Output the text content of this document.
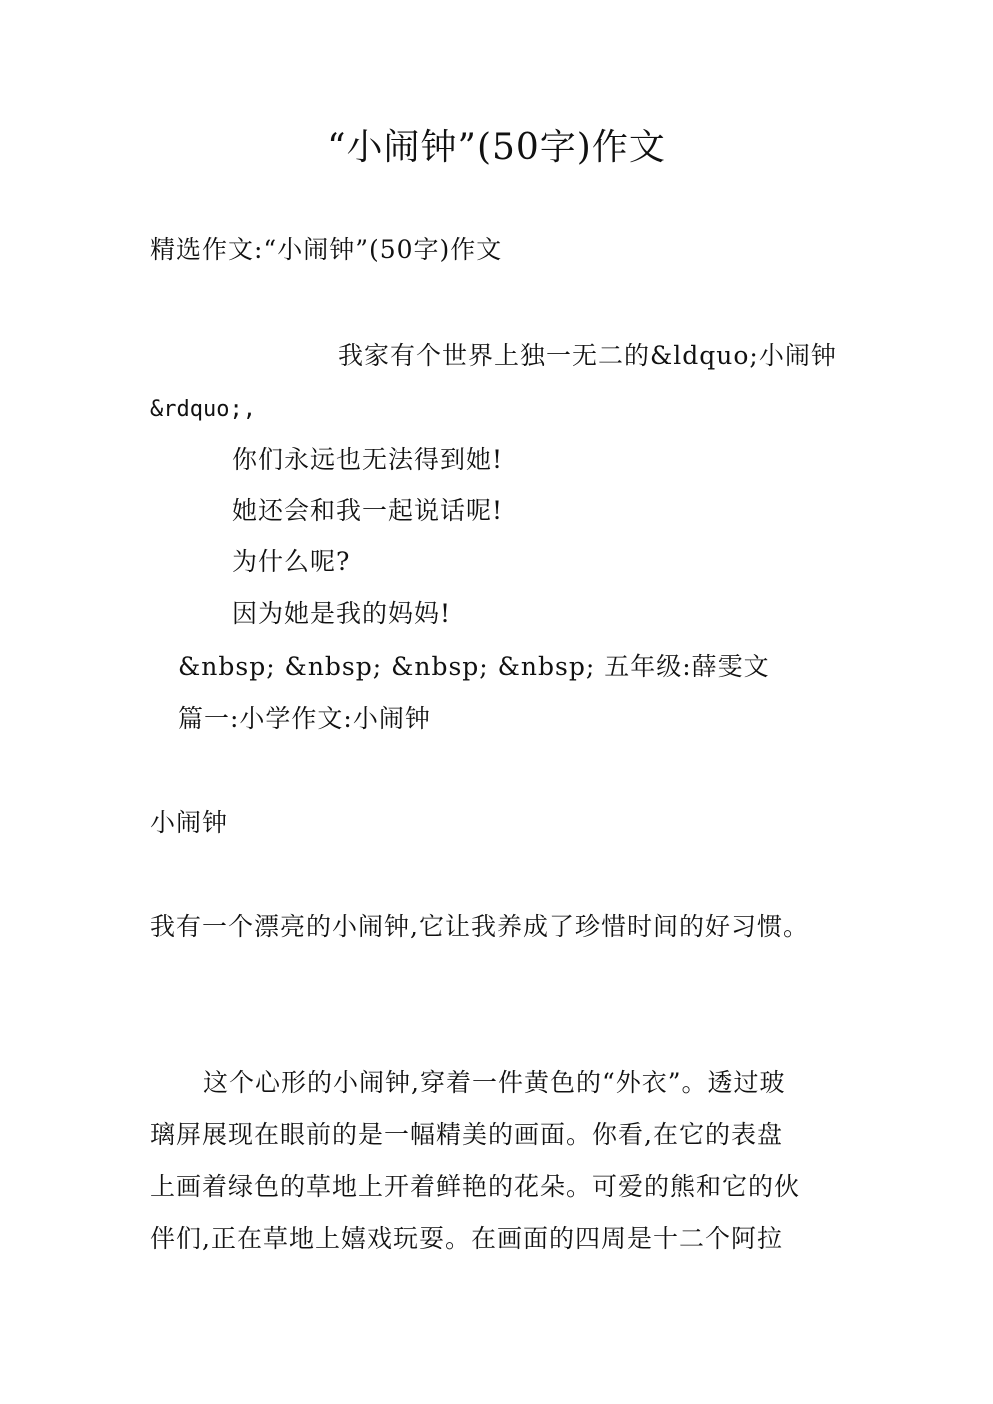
“小闹钟”(50字)作文
精选作文:“小闹钟”(50字)作文
我家有个世界上独一无二的&ldquo;小闹钟
&rdquo;,
你们永远也无法得到她!
她还会和我一起说话呢!
为什么呢?
因为她是我的妈妈!
&nbsp; &nbsp; &nbsp; &nbsp; 五年级:薛雯文
篇一:小学作文:小闹钟
小闹钟
我有一个漂亮的小闹钟,它让我养成了珍惜时间的好习惯。
这个心形的小闹钟,穿着一件黄色的“外衣”。透过玻
璃屏展现在眼前的是一幅精美的画面。你看,在它的表盘
上画着绿色的草地上开着鲜艳的花朵。可爱的熊和它的伙
伴们,正在草地上嬉戏玩耍。在画面的四周是十二个阿拉
